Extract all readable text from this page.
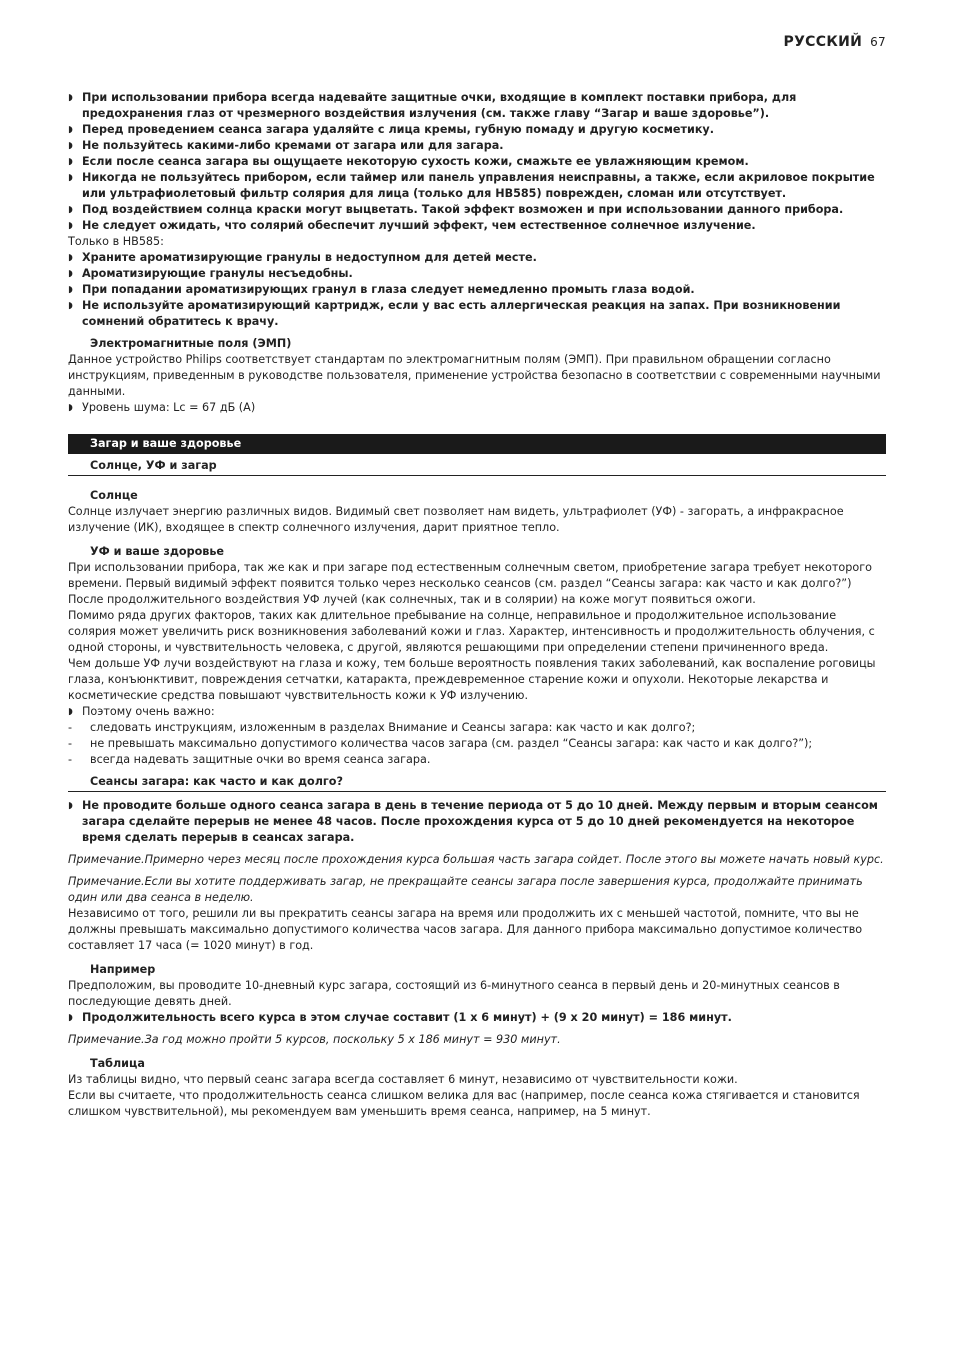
РУССКИЙ 67
◗ При использовании прибора всегда надевайте защитные очки, входящие в комплект поставки прибора, для предохранения глаз от чрезмерного воздействия излучения (см. также главу “Загар и ваше здоровье”).
◗ Перед проведением сеанса загара удаляйте с лица кремы, губную помаду и другую косметику.
◗ Не пользуйтесь какими-либо кремами от загара или для загара.
◗ Если после сеанса загара вы ощущаете некоторую сухость кожи, смажьте ее увлажняющим кремом.
◗ Никогда не пользуйтесь прибором, если таймер или панель управления неисправны, а также, если акриловое покрытие или ультрафиолетовый фильтр солярия для лица (только для HB585) поврежден, сломан или отсутствует.
◗ Под воздействием солнца краски могут выцветать. Такой эффект возможен и при использовании данного прибора.
◗ Не следует ожидать, что солярий обеспечит лучший эффект, чем естественное солнечное излучение.
Только в HB585:
◗ Храните ароматизирующие гранулы в недоступном для детей месте.
◗ Ароматизирующие гранулы несъедобны.
◗ При попадании ароматизирующих гранул в глаза следует немедленно промыть глаза водой.
◗ Не используйте ароматизирующий картридж, если у вас есть аллергическая реакция на запах. При возникновении сомнений обратитесь к врачу.
Электромагнитные поля (ЭМП)
Данное устройство Philips соответствует стандартам по электромагнитным полям (ЭМП). При правильном обращении согласно инструкциям, приведенным в руководстве пользователя, применение устройства безопасно в соответствии с современными научными данными.
◗ Уровень шума: Lc = 67 дБ (A)
Загар и ваше здоровье
Солнце, УФ и загар
Солнце
Солнце излучает энергию различных видов. Видимый свет позволяет нам видеть, ультрафиолет (УФ) - загорать, а инфракрасное излучение (ИК), входящее в спектр солнечного излучения, дарит приятное тепло.
УФ и ваше здоровье
При использовании прибора, так же как и при загаре под естественным солнечным светом, приобретение загара требует некоторого времени. Первый видимый эффект появится только через несколько сеансов (см. раздел “Сеансы загара: как часто и как долго?”)
После продолжительного воздействия УФ лучей (как солнечных, так и в солярии) на коже могут появиться ожоги.
Помимо ряда других факторов, таких как длительное пребывание на солнце, неправильное и продолжительное использование солярия может увеличить риск возникновения заболеваний кожи и глаз. Характер, интенсивность и продолжительность облучения, с одной стороны, и чувствительность человека, с другой, являются решающими при определении степени причиненного вреда.
Чем дольше УФ лучи воздействуют на глаза и кожу, тем больше вероятность появления таких заболеваний, как воспаление роговицы глаза, конъюнктивит, повреждения сетчатки, катаракта, преждевременное старение кожи и опухоли. Некоторые лекарства и косметические средства повышают чувствительность кожи к УФ излучению.
◗ Поэтому очень важно:
-	следовать инструкциям, изложенным в разделах Внимание и Сеансы загара: как часто и как долго?;
-	не превышать максимально допустимого количества часов загара (см. раздел “Сеансы загара: как часто и как долго?”);
-	всегда надевать защитные очки во время сеанса загара.
Сеансы загара: как часто и как долго?
◗ Не проводите больше одного сеанса загара в день в течение периода от 5 до 10 дней. Между первым и вторым сеансом загара сделайте перерыв не менее 48 часов. После прохождения курса от 5 до 10 дней рекомендуется на некоторое время сделать перерыв в сеансах загара.
Примечание.Примерно через месяц после прохождения курса большая часть загара сойдет. После этого вы можете начать новый курс.
Примечание.Если вы хотите поддерживать загар, не прекращайте сеансы загара после завершения курса, продолжайте принимать один или два сеанса в неделю.
Независимо от того, решили ли вы прекратить сеансы загара на время или продолжить их с меньшей частотой, помните, что вы не должны превышать максимально допустимого количества часов загара. Для данного прибора максимально допустимое количество составляет 17 часа (= 1020 минут) в год.
Например
Предположим, вы проводите 10-дневный курс загара, состоящий из 6-минутного сеанса в первый день и 20-минутных сеансов в последующие девять дней.
◗ Продолжительность всего курса в этом случае составит (1 x 6 минут) + (9 x 20 минут) = 186 минут.
Примечание.За год можно пройти 5 курсов, поскольку 5 x 186 минут = 930 минут.
Таблица
Из таблицы видно, что первый сеанс загара всегда составляет 6 минут, независимо от чувствительности кожи.
Если вы считаете, что продолжительность сеанса слишком велика для вас (например, после сеанса кожа стягивается и становится слишком чувствительной), мы рекомендуем вам уменьшить время сеанса, например, на 5 минут.
